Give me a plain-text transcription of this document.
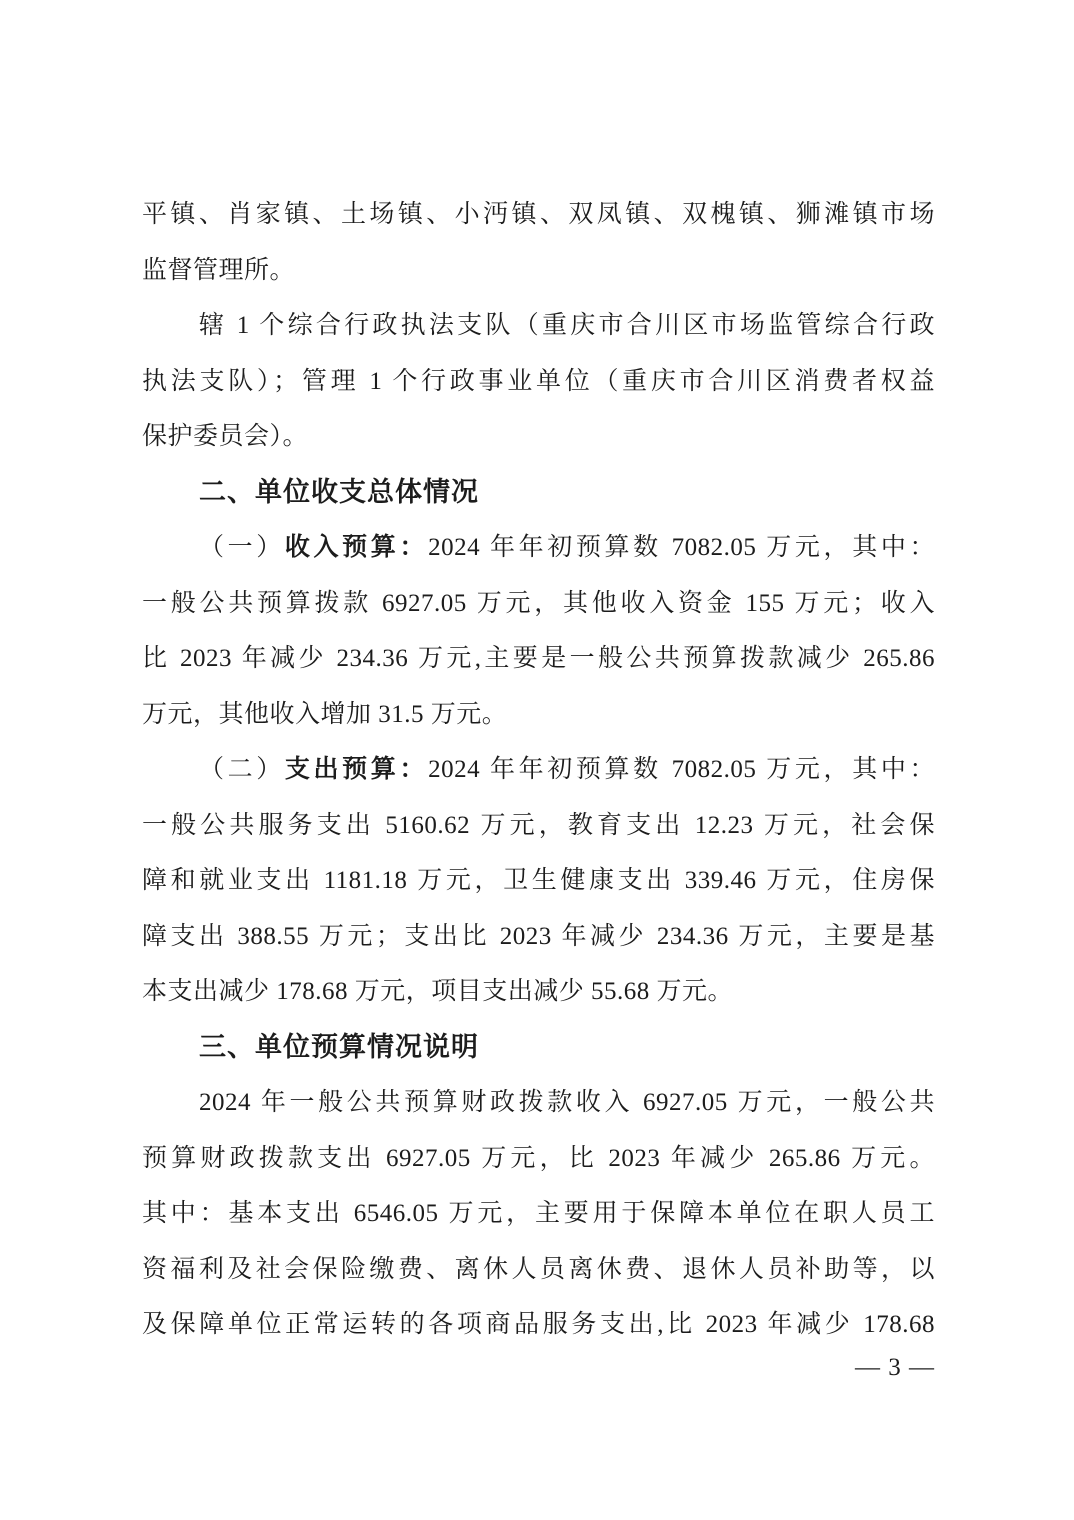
平镇、肖家镇、土场镇、小沔镇、双凤镇、双槐镇、狮滩镇市场
监督管理所。
辖 1 个综合行政执法支队（重庆市合川区市场监管综合行政
执法支队）；管理 1 个行政事业单位（重庆市合川区消费者权益
保护委员会）。
二、单位收支总体情况
（一）收入预算：2024 年年初预算数 7082.05 万元，其中：
一般公共预算拨款 6927.05 万元，其他收入资金 155 万元；收入
比 2023 年减少 234.36 万元,主要是一般公共预算拨款减少 265.86
万元，其他收入增加 31.5 万元。
（二）支出预算：2024 年年初预算数 7082.05 万元，其中：
一般公共服务支出 5160.62 万元，教育支出 12.23 万元，社会保
障和就业支出 1181.18 万元，卫生健康支出 339.46 万元，住房保
障支出 388.55 万元；支出比 2023 年减少 234.36 万元，主要是基
本支出减少 178.68 万元，项目支出减少 55.68 万元。
三、单位预算情况说明
2024 年一般公共预算财政拨款收入 6927.05 万元，一般公共
预算财政拨款支出 6927.05 万元，比 2023 年减少 265.86 万元。
其中：基本支出 6546.05 万元，主要用于保障本单位在职人员工
资福利及社会保险缴费、离休人员离休费、退休人员补助等，以
及保障单位正常运转的各项商品服务支出,比 2023 年减少 178.68
— 3 —
